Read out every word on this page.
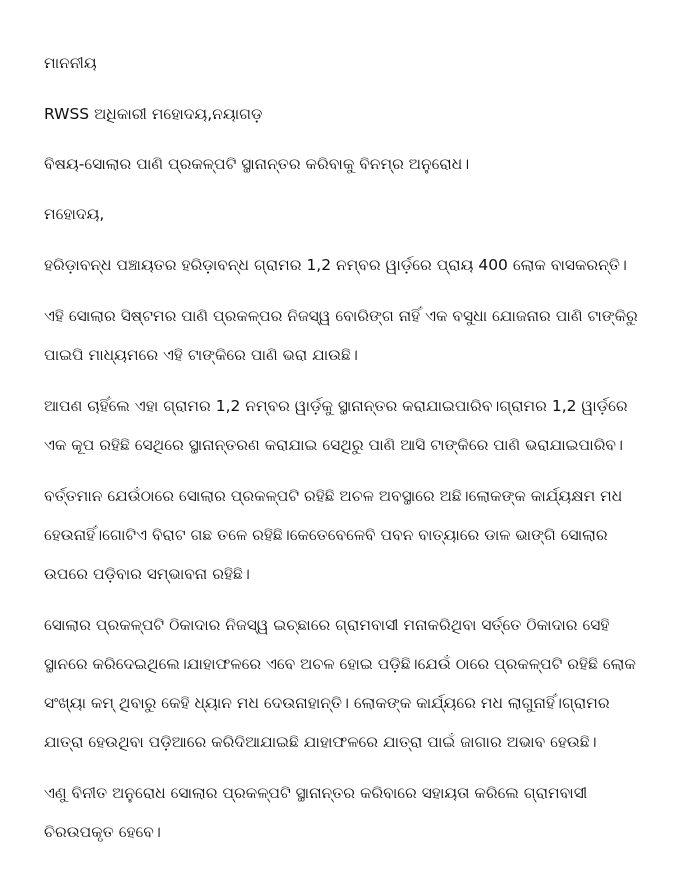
ମାନନୀୟ

RWSS ଅଧିକାରୀ ମହୋଦୟ,ନୟାଗଡ଼

ବିଷୟ-ସୋଲାର ପାଣି ପ୍ରକଳ୍ପଟି ସ୍ଥାନାନ୍ତର କରିବାକୁ ବିନମ୍ର ଅନୁରୋଧ।

ମହୋଦୟ,

ହରିଡ଼ାବନ୍ଧ ପଞ୍ଚାୟତର ହରିଡ଼ାବନ୍ଧ ଗ୍ରାମର 1,2 ନମ୍ବର ୱାର୍ଡ଼ରେ ପ୍ରାୟ 400 ଲୋକ ବାସକରନ୍ତି।

ଏହି ସୋଲାର ସିଷ୍ଟମର ପାଣି ପ୍ରକଳ୍ପର ନିଜସ୍ୱ ବୋରିଙ୍ଗ ନାହିଁ ଏକ ବସୁଧା ଯୋଜନାର ପାଣି ଟାଙ୍କିରୁ ପାଇପି ମାଧ୍ୟମରେ ଏହି ଟାଙ୍କିରେ ପାଣି ଭରା ଯାଉଛି।

ଆପଣ ଚାହିଁଲେ ଏହା ଗ୍ରାମର 1,2 ନମ୍ବର ୱାର୍ଡ଼କୁ ସ୍ଥାନାନ୍ତର କରାଯାଇପାରିବ।ଗ୍ରାମର 1,2 ୱାର୍ଡ଼ରେ ଏକ କୂପ ରହିଛି ସେଥିରେ ସ୍ଥାନାନ୍ତରଣ କରାଯାଇ ସେଥିରୁ ପାଣି ଆସି ଟାଙ୍କିରେ ପାଣି ଭରାଯାଇପାରିବ।

ବର୍ତ୍ତମାନ ଯେଉଁଠାରେ ସୋଲାର ପ୍ରକଳ୍ପଟି ରହିଛି ଅଚଳ ଅବସ୍ଥାରେ ଅଛି।ଲୋକଙ୍କ କାର୍ଯ୍ୟକ୍ଷମ ମଧ ହେଉନାହିଁ।ଗୋଟିଏ ବିରାଟ ଗଛ ତଳେ ରହିଛି।କେତେବେଳେବି ପବନ ବାତ୍ୟାରେ ଡାଳ ଭାଙ୍ଗି ସୋଲାର ଉପରେ ପଡ଼ିବାର ସମ୍ଭାବନା ରହିଛି।

ସୋଲାର ପ୍ରକଳ୍ପଟି ଠିକାଦାର ନିଜସ୍ୱ ଇଚ୍ଛାରେ ଗ୍ରାମବାସୀ ମନାକରିଥିବା ସର୍ତ୍ତେ ଠିକାଦାର ସେହି ସ୍ଥାନରେ କରିଦେଇଥିଲେ।ଯାହାଫଳରେ ଏବେ ଅଚଳ ହୋଇ ପଡ଼ିଛି।ଯେଉଁ ଠାରେ ପ୍ରକଳ୍ପଟି ରହିଛି ଲୋକ ସଂଖ୍ୟା କମ୍ ଥିବାରୁ କେହି ଧ୍ୟାନ ମଧ ଦେଉନାହାନ୍ତି। ଲୋକଙ୍କ କାର୍ଯ୍ୟରେ ମଧ ଲାଗୁନାହିଁ।ଗ୍ରାମର ଯାତ୍ରା ହେଉଥିବା ପଡ଼ିଆରେ କରିଦିଆଯାଇଛି ଯାହାଫଳରେ ଯାତ୍ରା ପାଇଁ ଜାଗାର ଅଭାବ ହେଉଛି।

ଏଣୁ ବିନୀତ ଅନୁରୋଧ ସୋଲାର ପ୍ରକଳ୍ପଟି ସ୍ଥାନାନ୍ତର କରିବାରେ ସହାୟତା କରିଲେ ଗ୍ରାମବାସୀ ଚିରଉପକୃତ ହେବେ।
